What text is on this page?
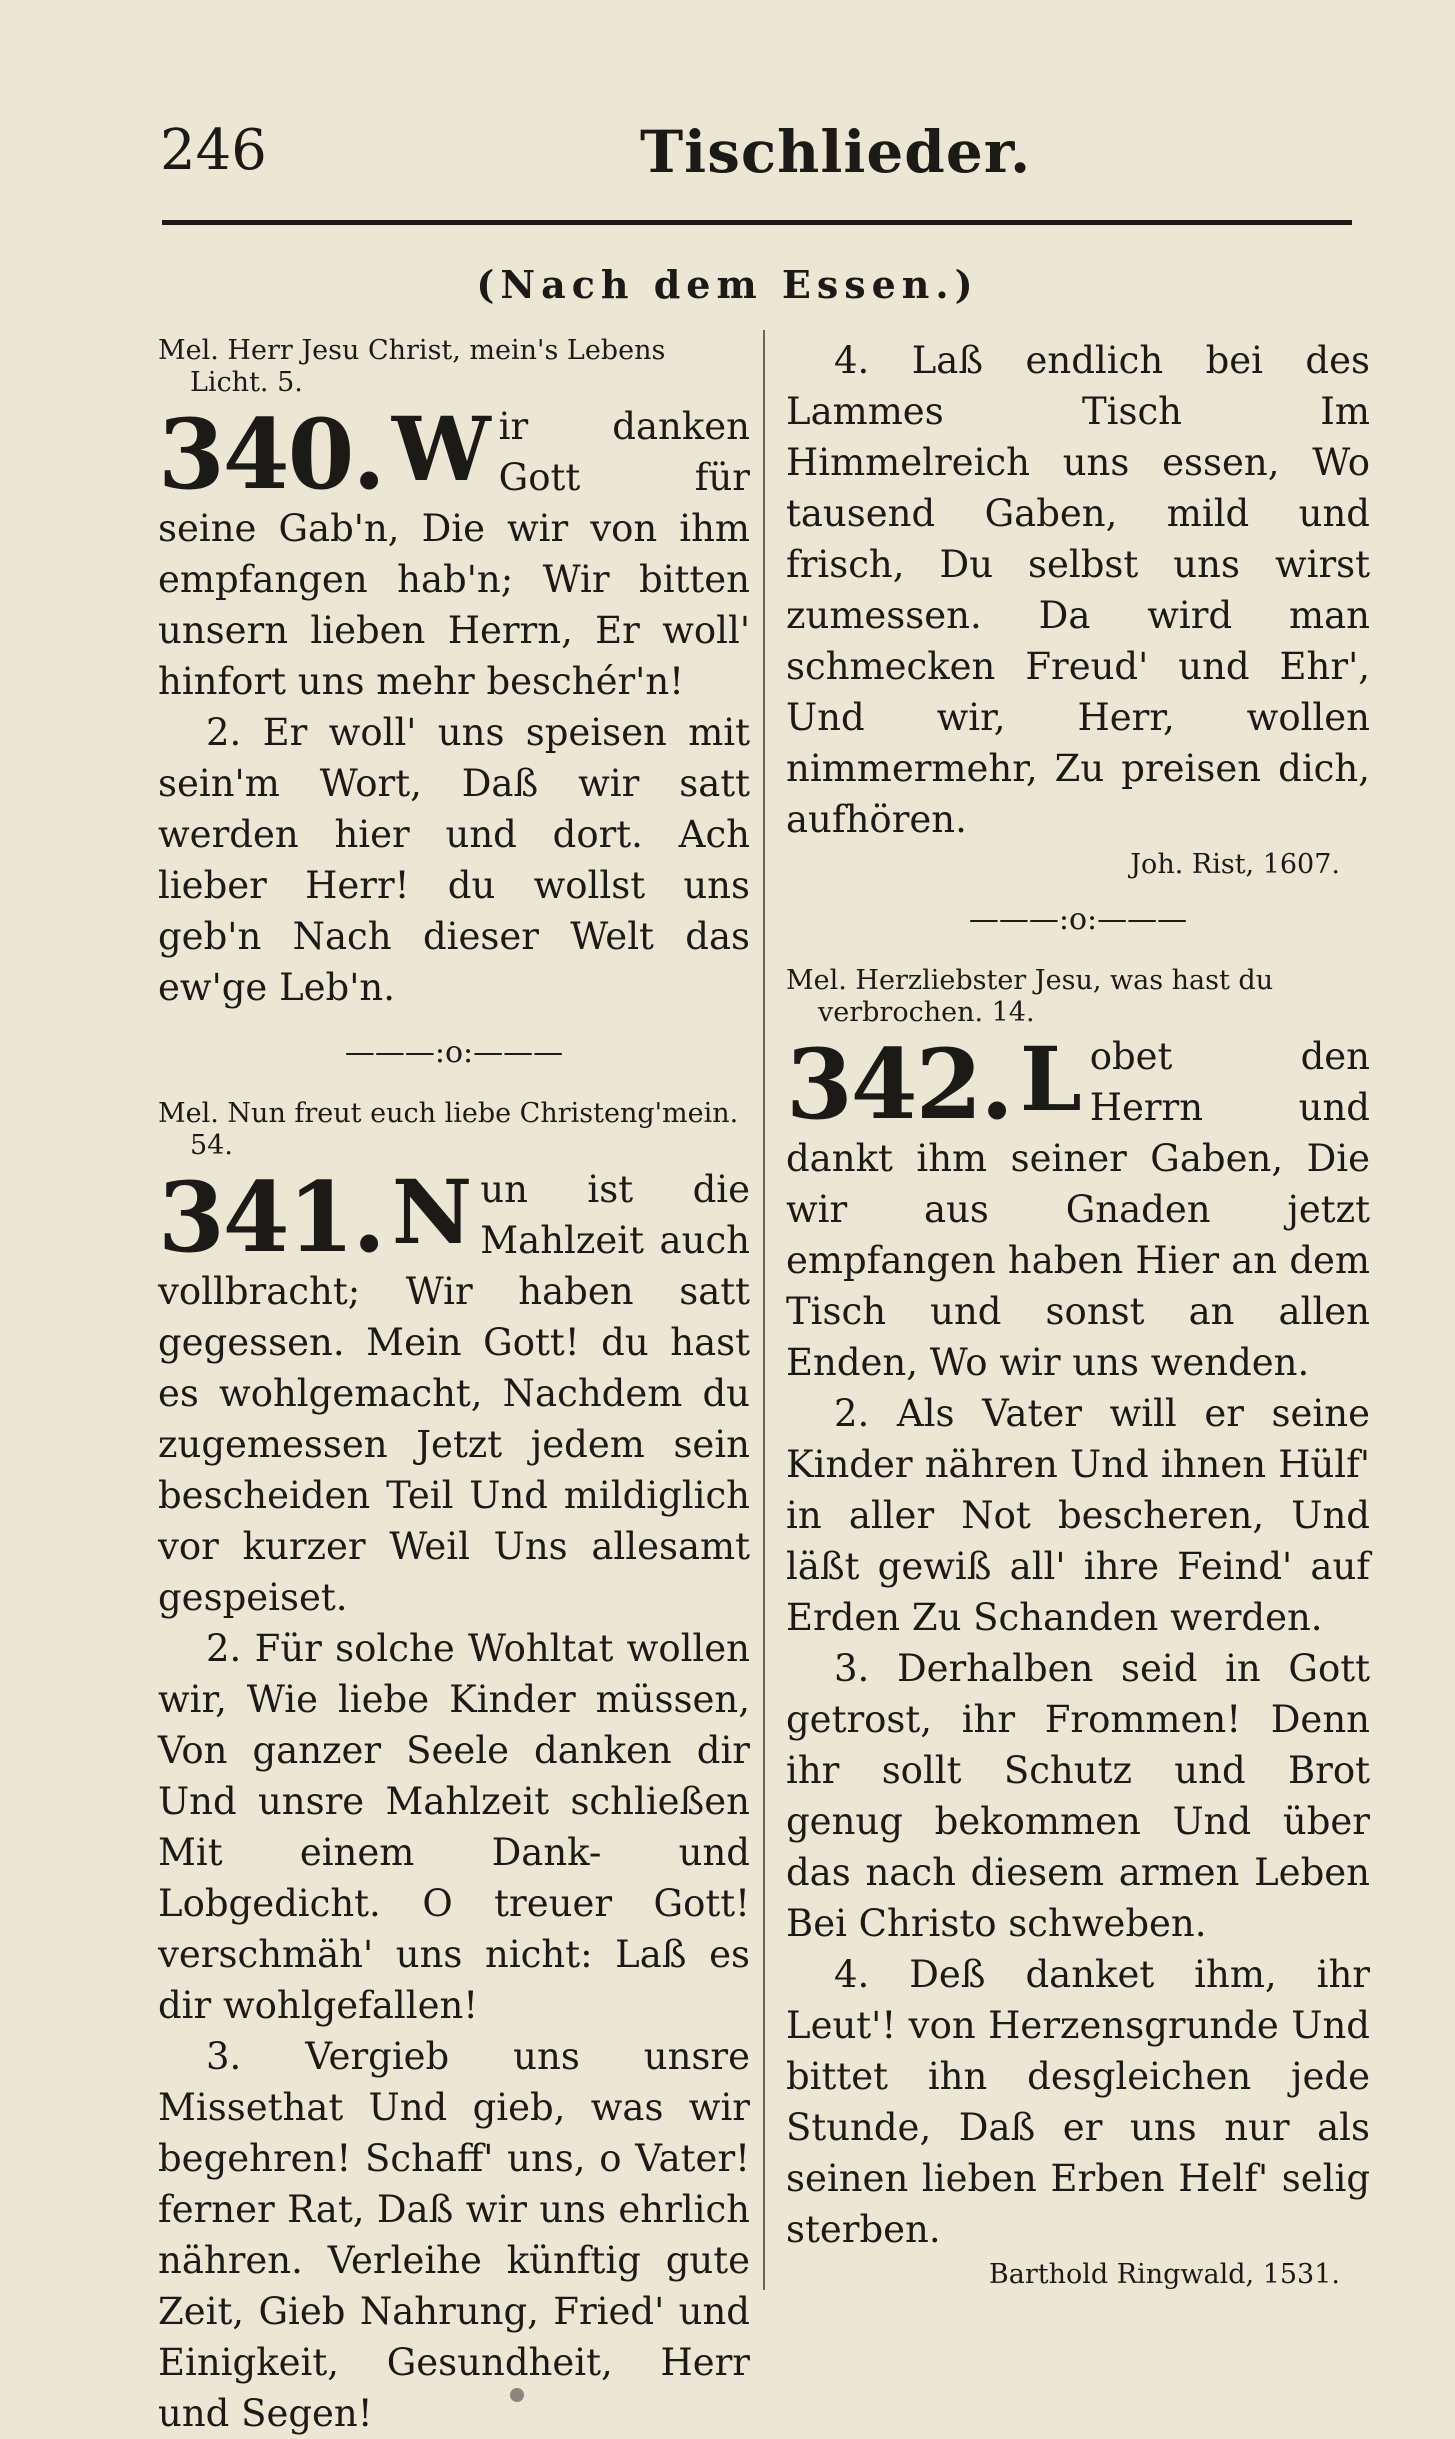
246	Tischlieder.
(Nach dem Essen.)

Mel. Herr Jesu Christ, mein's Lebens Licht. 5.

340. W ir danken Gott für seine Gab'n, Die wir von ihm empfangen hab'n; Wir bitten unsern lieben Herrn, Er woll' hinfort uns mehr beschér'n!

2. Er woll' uns speisen mit sein'm Wort, Daß wir satt werden hier und dort. Ach lieber Herr! du wollst uns geb'n Nach dieser Welt das ew'ge Leb'n.

———:o:———

Mel. Nun freut euch liebe Christeng'mein. 54.

341. N un ist die Mahlzeit auch vollbracht; Wir haben satt gegessen. Mein Gott! du hast es wohlgemacht, Nachdem du zugemessen Jetzt jedem sein bescheiden Teil Und mildiglich vor kurzer Weil Uns allesamt gespeiset.

2. Für solche Wohltat wollen wir, Wie liebe Kinder müssen, Von ganzer Seele danken dir Und unsre Mahlzeit schließen Mit einem Dank- und Lobgedicht. O treuer Gott! verschmäh' uns nicht: Laß es dir wohlgefallen!

3. Vergieb uns unsre Missethat Und gieb, was wir begehren! Schaff' uns, o Vater! ferner Rat, Daß wir uns ehrlich nähren. Verleihe künftig gute Zeit, Gieb Nahrung, Fried' und Einigkeit, Gesundheit, Herr und Segen!

4. Laß endlich bei des Lammes Tisch Im Himmelreich uns essen, Wo tausend Gaben, mild und frisch, Du selbst uns wirst zumessen. Da wird man schmecken Freud' und Ehr', Und wir, Herr, wollen nimmermehr, Zu preisen dich, aufhören.

Joh. Rist, 1607.

———:o:———

Mel. Herzliebster Jesu, was hast du verbrochen. 14.

342. L obet den Herrn und dankt ihm seiner Gaben, Die wir aus Gnaden jetzt empfangen haben Hier an dem Tisch und sonst an allen Enden, Wo wir uns wenden.

2. Als Vater will er seine Kinder nähren Und ihnen Hülf' in aller Not bescheren, Und läßt gewiß all' ihre Feind' auf Erden Zu Schanden werden.

3. Derhalben seid in Gott getrost, ihr Frommen! Denn ihr sollt Schutz und Brot genug bekommen Und über das nach diesem armen Leben Bei Christo schweben.

4. Deß danket ihm, ihr Leut'! von Herzensgrunde Und bittet ihn desgleichen jede Stunde, Daß er uns nur als seinen lieben Erben Helf' selig sterben.

Barthold Ringwald, 1531.
